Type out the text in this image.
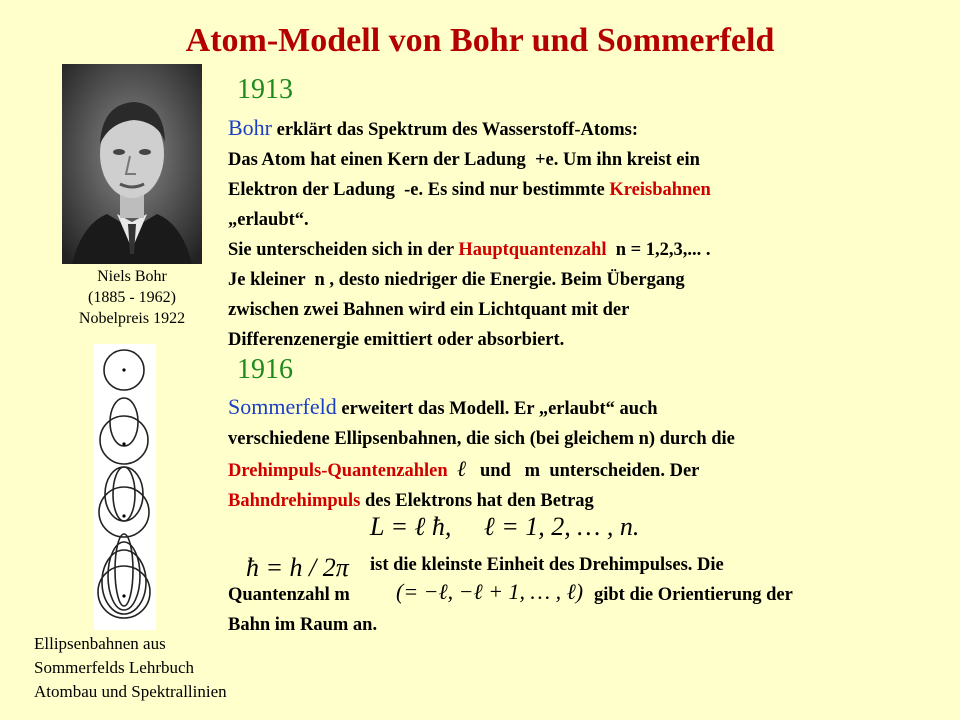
Atom-Modell von Bohr und Sommerfeld
Niels Bohr
(1885 - 1962)
Nobelpreis 1922
Ellipsenbahnen aus
Sommerfelds Lehrbuch
Atombau und Spektrallinien
1913
Bohr erklärt das Spektrum des Wasserstoff-Atoms:
Das Atom hat einen Kern der Ladung  +e. Um ihn kreist ein
Elektron der Ladung  -e. Es sind nur bestimmte Kreisbahnen
„erlaubt“.
Sie unterscheiden sich in der Hauptquantenzahl  n = 1,2,3,... .
Je kleiner  n , desto niedriger die Energie. Beim Übergang
zwischen zwei Bahnen wird ein Lichtquant mit der
Differenzenergie emittiert oder absorbiert.
1916
Sommerfeld erweitert das Modell. Er „erlaubt“ auch
verschiedene Ellipsenbahnen, die sich (bei gleichem n) durch die
Drehimpuls-Quantenzahlen ℓ und   m  unterscheiden. Der
Bahndrehimpuls des Elektrons hat den Betrag
L = ℓ ħ,     ℓ = 1, 2, … , n.
ħ = h / 2π ist die kleinste Einheit des Drehimpulses. Die
Quantenzahl m (= −ℓ, −ℓ + 1, … , ℓ) gibt die Orientierung der
Bahn im Raum an.
